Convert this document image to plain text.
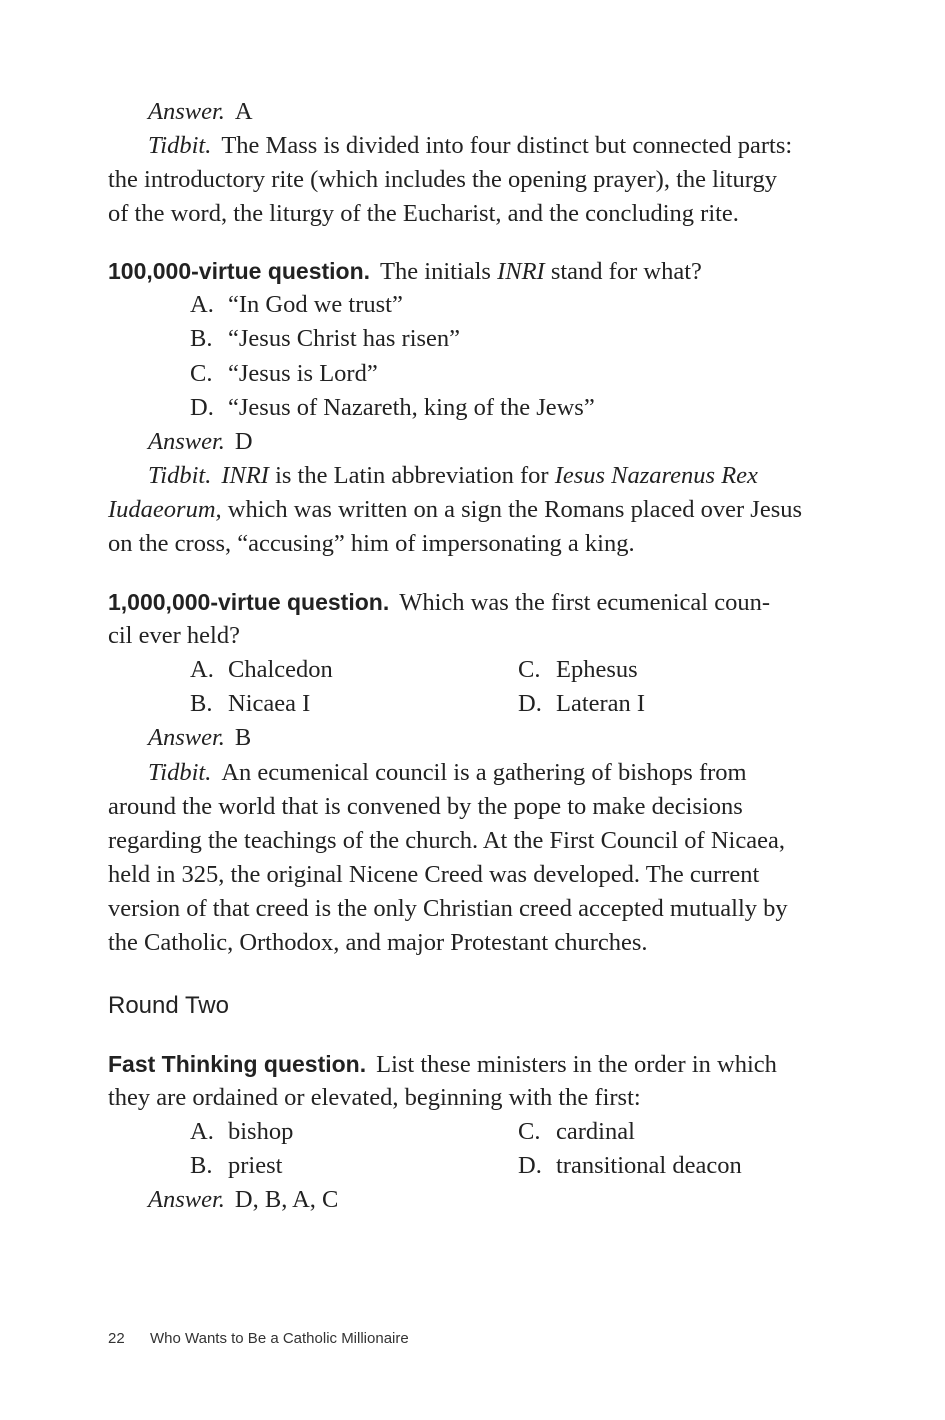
Answer. A
Tidbit. The Mass is divided into four distinct but connected parts:
the introductory rite (which includes the opening prayer), the liturgy
of the word, the liturgy of the Eucharist, and the concluding rite.
100,000-virtue question. The initials INRI stand for what?
A. “In God we trust”
B. “Jesus Christ has risen”
C. “Jesus is Lord”
D. “Jesus of Nazareth, king of the Jews”
Answer. D
Tidbit. INRI is the Latin abbreviation for Iesus Nazarenus Rex
Iudaeorum, which was written on a sign the Romans placed over Jesus
on the cross, “accusing” him of impersonating a king.
1,000,000-virtue question. Which was the first ecumenical coun-
cil ever held?
A. Chalcedon	C. Ephesus
B. Nicaea I	D. Lateran I
Answer. B
Tidbit. An ecumenical council is a gathering of bishops from
around the world that is convened by the pope to make decisions
regarding the teachings of the church. At the First Council of Nicaea,
held in 325, the original Nicene Creed was developed. The current
version of that creed is the only Christian creed accepted mutually by
the Catholic, Orthodox, and major Protestant churches.
Round Two
Fast Thinking question. List these ministers in the order in which
they are ordained or elevated, beginning with the first:
A. bishop	C. cardinal
B. priest	D. transitional deacon
Answer. D, B, A, C
22 Who Wants to Be a Catholic Millionaire
